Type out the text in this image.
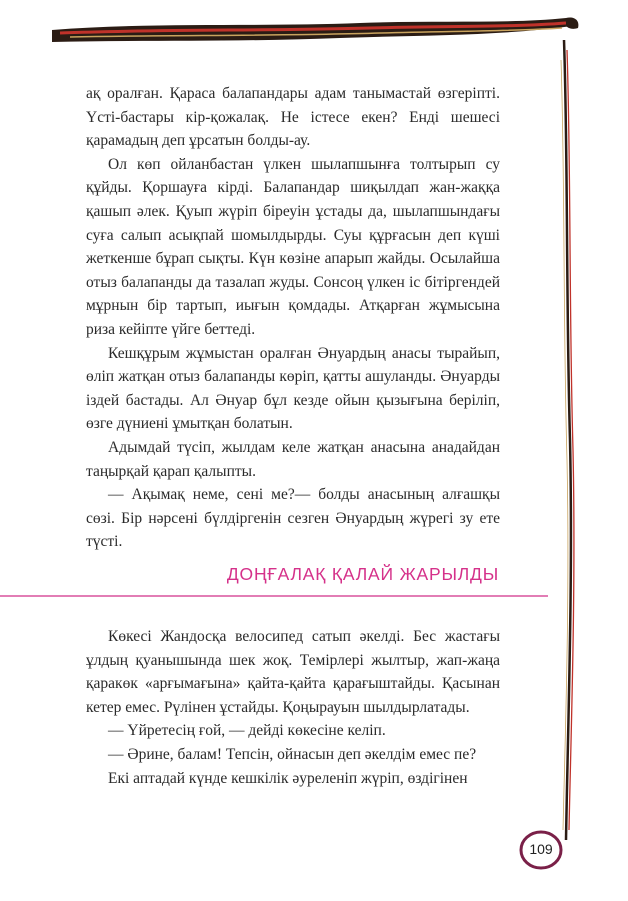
ақ оралған. Қараса балапандары адам танымастай өзгеріпті. Үсті-бастары кір-қожалақ. Не істесе екен? Енді шешесі қарамадың деп ұрсатын болды-ау.

Ол көп ойланбастан үлкен шылапшынға толтырып су құйды. Қоршауға кірді. Балапандар шиқылдап жан-жаққа қашып әлек. Қуып жүріп біреуін ұстады да, шылапшындағы суға салып асықпай шомылдырды. Суы құрғасын деп күші жеткенше бұрап сықты. Күн көзіне апарып жайды. Осылайша отыз балапанды да тазалап жуды. Сонсоң үлкен іс бітіргендей мұрнын бір тартып, иығын қомдады. Атқарған жұмысына риза кейіпте үйге беттеді.

Кешқұрым жұмыстан оралған Әнуардың анасы тырайып, өліп жатқан отыз балапанды көріп, қатты ашуланды. Әнуарды іздей бастады. Ал Әнуар бұл кезде ойын қызығына беріліп, өзге дүниені ұмытқан болатын.

Адымдай түсіп, жылдам келе жатқан анасына анадайдан таңырқай қарап қалыпты.

— Ақымақ неме, сені ме?— болды анасының алғашқы сөзі. Бір нәрсені бүлдіргенін сезген Әнуардың жүрегі зу ете түсті.

ДОҢҒАЛАҚ ҚАЛАЙ ЖАРЫЛДЫ

Көкесі Жандосқа велосипед сатып әкелді. Бес жастағы ұлдың қуанышында шек жоқ. Темірлері жылтыр, жап-жаңа қаракөк «арғымағына» қайта-қайта қарағыштайды. Қасынан кетер емес. Рүлінен ұстайды. Қоңырауын шылдырлатады.

— Үйретесің ғой, — дейді көкесіне келіп.

— Әрине, балам! Тепсін, ойнасын деп әкелдім емес пе?

Екі аптадай күнде кешкілік әуреленіп жүріп, өздігінен

109
